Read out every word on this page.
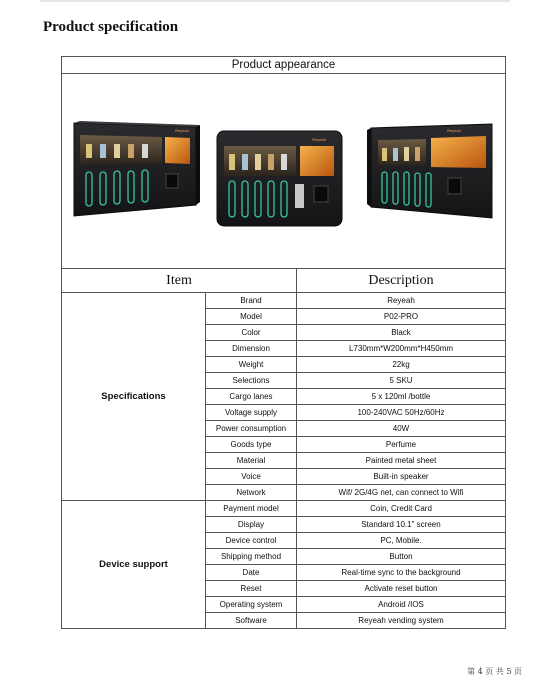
Product specification
Product appearance		

Reyeah
Reyeah
Reyeah		

Item		Description
Specifications	Brand	Reyeah
	Model	P02-PRO
	Color	Black
	Dimension	L730mm*W200mm*H450mm
	Weight	22kg
	Selections	5 SKU
	Cargo lanes	5 x 120ml /bottle
	Voltage supply	100-240VAC 50Hz/60Hz
	Power consumption	40W
	Goods type	Perfume
	Material	Painted metal sheet
	Voice	Built-in speaker
	Network	Wif/ 2G/4G net, can connect to Wifi
Device support	Payment model	Coin, Credit Card
	Display	Standard 10.1" screen
	Device control	PC, Mobile.
	Shipping method	Button
	Date	Real-time sync to the background
	Reset	Activate reset button
	Operating system	Android /IOS
	Software	Reyeah vending system
第 4 页 共 5 页
